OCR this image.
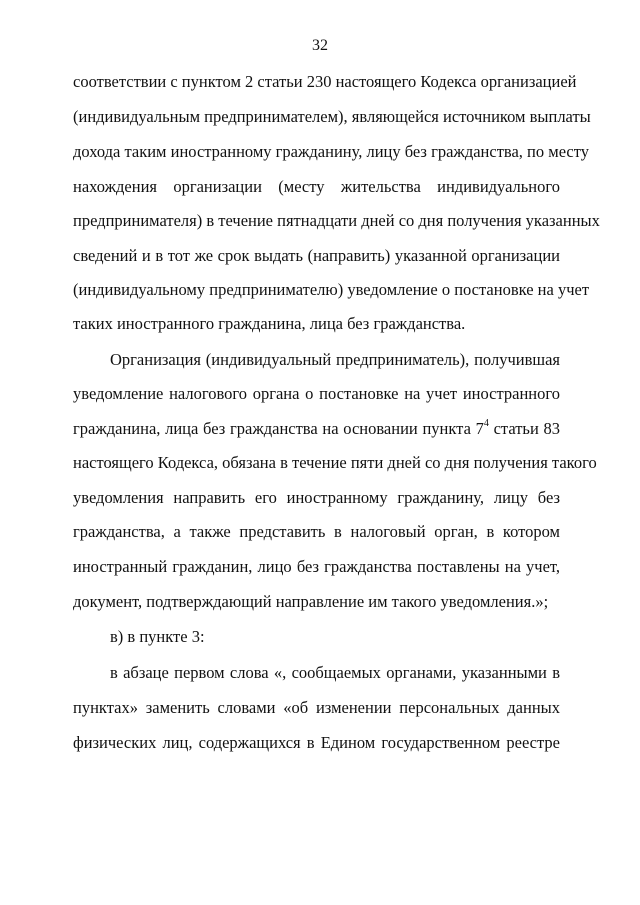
32
соответствии с пунктом 2 статьи 230 настоящего Кодекса организацией
(индивидуальным предпринимателем), являющейся источником выплаты
дохода таким иностранному гражданину, лицу без гражданства, по месту
нахождения организации (месту жительства индивидуального
предпринимателя) в течение пятнадцати дней со дня получения указанных
сведений и в тот же срок выдать (направить) указанной организации
(индивидуальному предпринимателю) уведомление о постановке на учет
таких иностранного гражданина, лица без гражданства.
Организация (индивидуальный предприниматель), получившая
уведомление налогового органа о постановке на учет иностранного
гражданина, лица без гражданства на основании пункта $7^4$ статьи 83
настоящего Кодекса, обязана в течение пяти дней со дня получения такого
уведомления направить его иностранному гражданину, лицу без
гражданства, а также представить в налоговый орган, в котором
иностранный гражданин, лицо без гражданства поставлены на учет,
документ, подтверждающий направление им такого уведомления.»;
в) в пункте 3:
в абзаце первом слова «, сообщаемых органами, указанными в
пунктах» заменить словами «об изменении персональных данных
физических лиц, содержащихся в Едином государственном реестре
